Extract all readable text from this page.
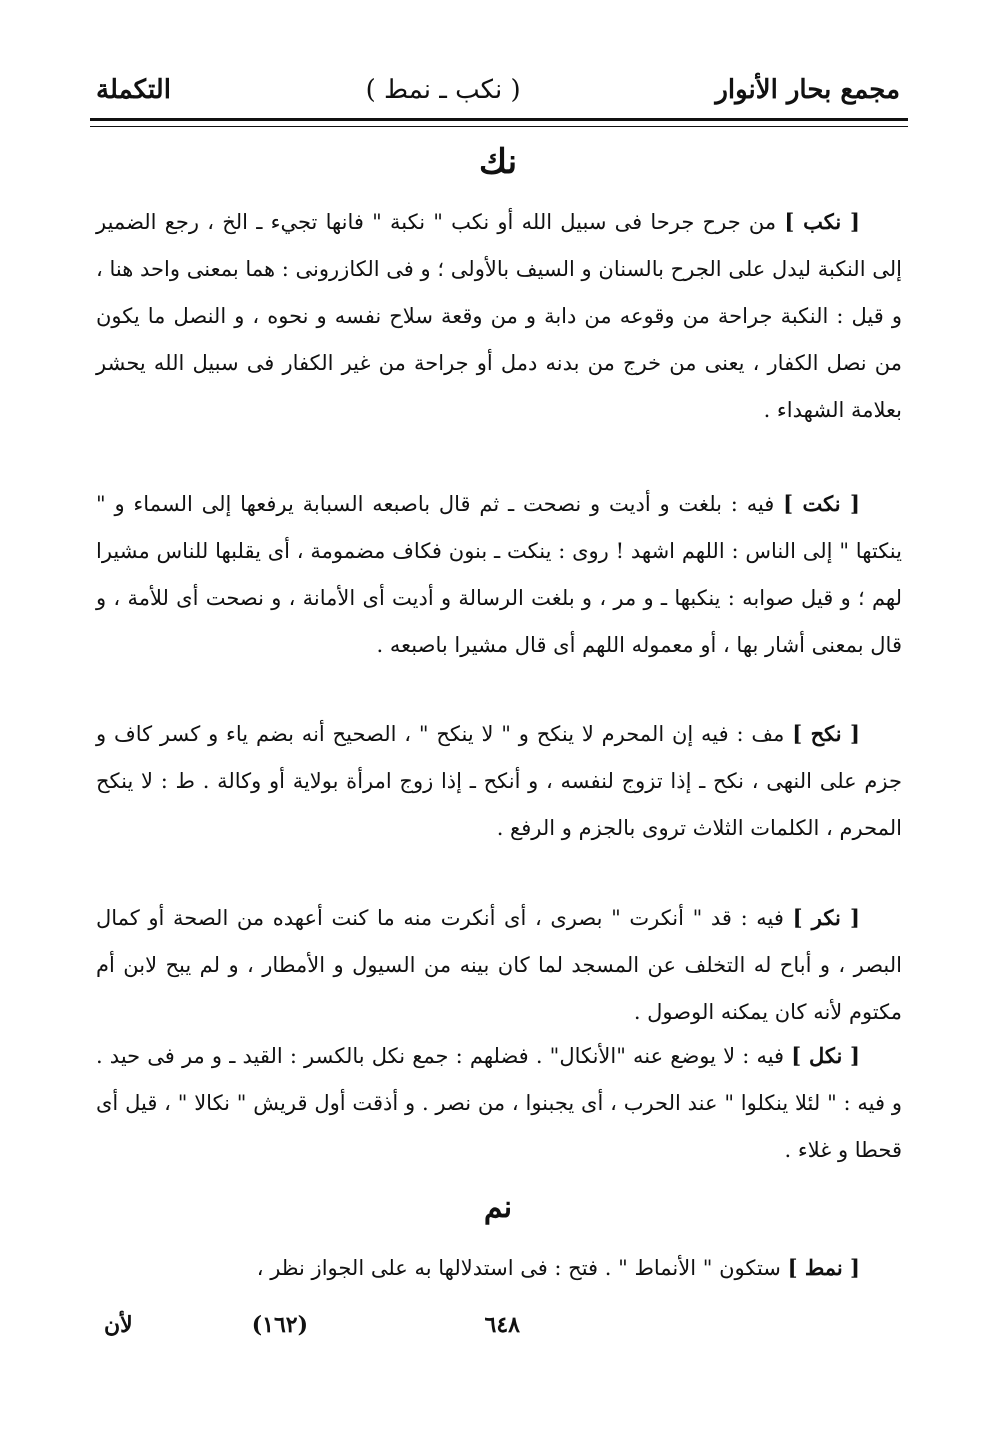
مجمع بحار الأنوار
( نكب ـ نمط )
التكملة
نك

[ نكب ] من جرح جرحا فى سبيل الله أو نكب " نكبة " فانها تجيء ـ الخ ، رجع الضمير إلى النكبة ليدل على الجرح بالسنان و السيف بالأولى ؛ و فى الكازرونى : هما بمعنى واحد هنا ، و قيل : النكبة جراحة من وقوعه من دابة و من وقعة سلاح نفسه و نحوه ، و النصل ما يكون من نصل الكفار ، يعنى من خرج من بدنه دمل أو جراحة من غير الكفار فى سبيل الله يحشر بعلامة الشهداء .

[ نكت ] فيه : بلغت و أديت و نصحت ـ ثم قال باصبعه السبابة يرفعها إلى السماء و " ينكتها " إلى الناس : اللهم اشهد ! روى : ينكت ـ بنون فكاف مضمومة ، أى يقلبها للناس مشيرا لهم ؛ و قيل صوابه : ينكبها ـ و مر ، و بلغت الرسالة و أديت أى الأمانة ، و نصحت أى للأمة ، و قال بمعنى أشار بها ، أو معموله اللهم أى قال مشيرا باصبعه .

[ نكح ] مف : فيه إن المحرم لا ينكح و " لا ينكح " ، الصحيح أنه بضم ياء و كسر كاف و جزم على النهى ، نكح ـ إذا تزوج لنفسه ، و أنكح ـ إذا زوج امرأة بولاية أو وكالة . ط : لا ينكح المحرم ، الكلمات الثلاث تروى بالجزم و الرفع .

[ نكر ] فيه : قد " أنكرت " بصرى ، أى أنكرت منه ما كنت أعهده من الصحة أو كمال البصر ، و أباح له التخلف عن المسجد لما كان بينه من السيول و الأمطار ، و لم يبح لابن أم مكتوم لأنه كان يمكنه الوصول .

[ نكل ] فيه : لا يوضع عنه "الأنكال" . فضلهم : جمع نكل بالكسر : القيد ـ و مر فى حيد . و فيه : " لئلا ينكلوا " عند الحرب ، أى يجبنوا ، من نصر . و أذقت أول قريش " نكالا " ، قيل أى قحطا و غلاء .

نم

[ نمط ] ستكون " الأنماط " . فتح : فى استدلالها به على الجواز نظر ،

٦٤٨
(١٦٢)
لأن
